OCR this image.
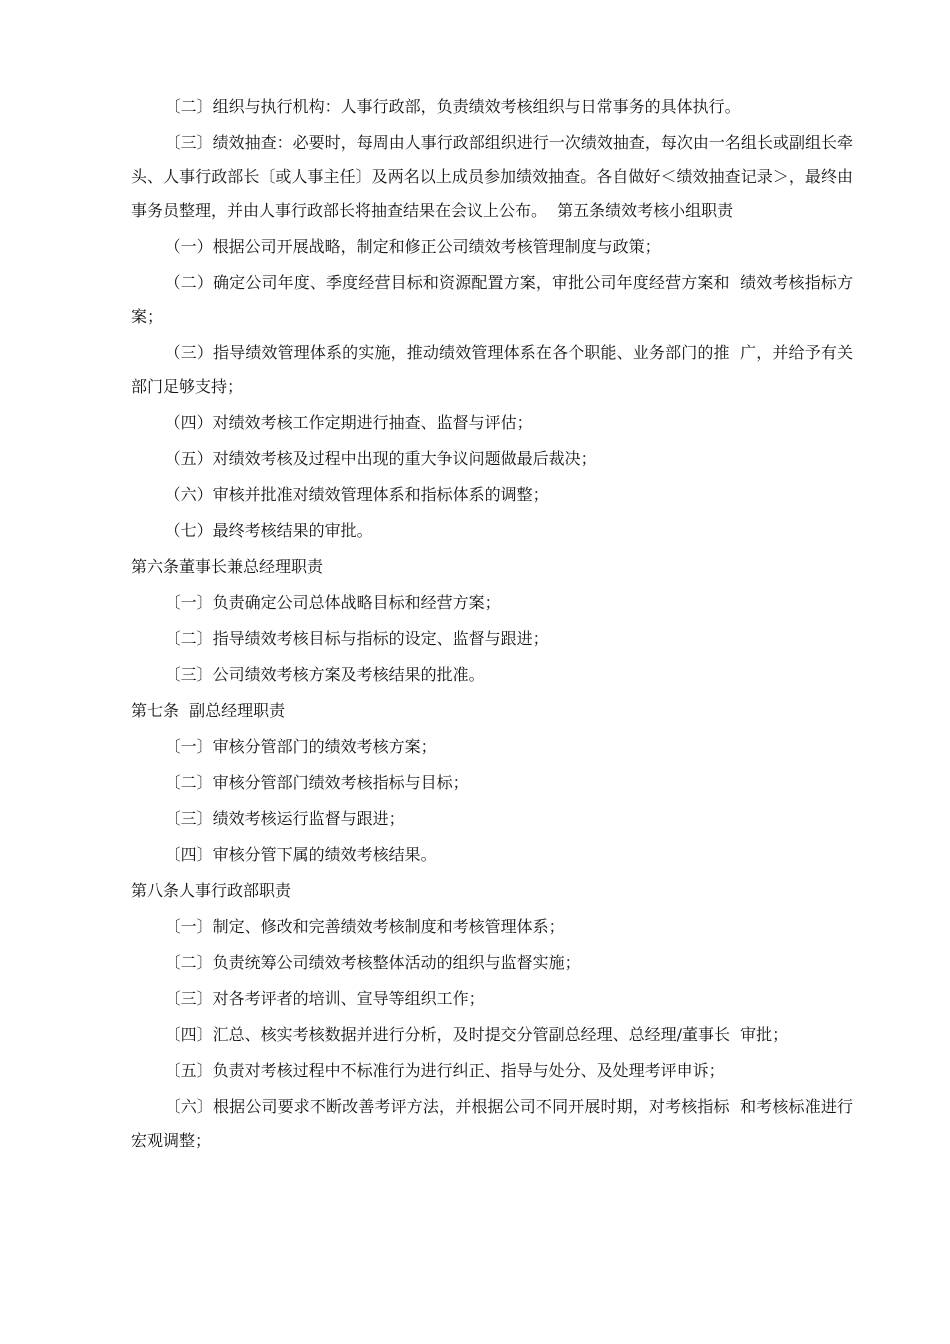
〔二〕组织与执行机构：人事行政部，负责绩效考核组织与日常事务的具体执行。

〔三〕绩效抽查：必要时，每周由人事行政部组织进行一次绩效抽查，每次由一名组长或副组长牵头、人事行政部长〔或人事主任〕及两名以上成员参加绩效抽查。各自做好＜绩效抽查记录＞，最终由事务员整理，并由人事行政部长将抽查结果在会议上公布。  第五条绩效考核小组职责

（一）根据公司开展战略，制定和修正公司绩效考核管理制度与政策；

（二）确定公司年度、季度经营目标和资源配置方案，审批公司年度经营方案和  绩效考核指标方案；

（三）指导绩效管理体系的实施，推动绩效管理体系在各个职能、业务部门的推  广，并给予有关部门足够支持；

（四）对绩效考核工作定期进行抽查、监督与评估；

（五）对绩效考核及过程中出现的重大争议问题做最后裁决；

（六）审核并批准对绩效管理体系和指标体系的调整；

（七）最终考核结果的审批。

第六条董事长兼总经理职责

〔一〕负责确定公司总体战略目标和经营方案；

〔二〕指导绩效考核目标与指标的设定、监督与跟进；

〔三〕公司绩效考核方案及考核结果的批准。

第七条  副总经理职责

〔一〕审核分管部门的绩效考核方案；

〔二〕审核分管部门绩效考核指标与目标；

〔三〕绩效考核运行监督与跟进；

〔四〕审核分管下属的绩效考核结果。

第八条人事行政部职责

〔一〕制定、修改和完善绩效考核制度和考核管理体系；

〔二〕负责统筹公司绩效考核整体活动的组织与监督实施；

〔三〕对各考评者的培训、宣导等组织工作；

〔四〕汇总、核实考核数据并进行分析，及时提交分管副总经理、总经理/董事长  审批；

〔五〕负责对考核过程中不标准行为进行纠正、指导与处分、及处理考评申诉；

〔六〕根据公司要求不断改善考评方法，并根据公司不同开展时期，对考核指标  和考核标准进行宏观调整；
